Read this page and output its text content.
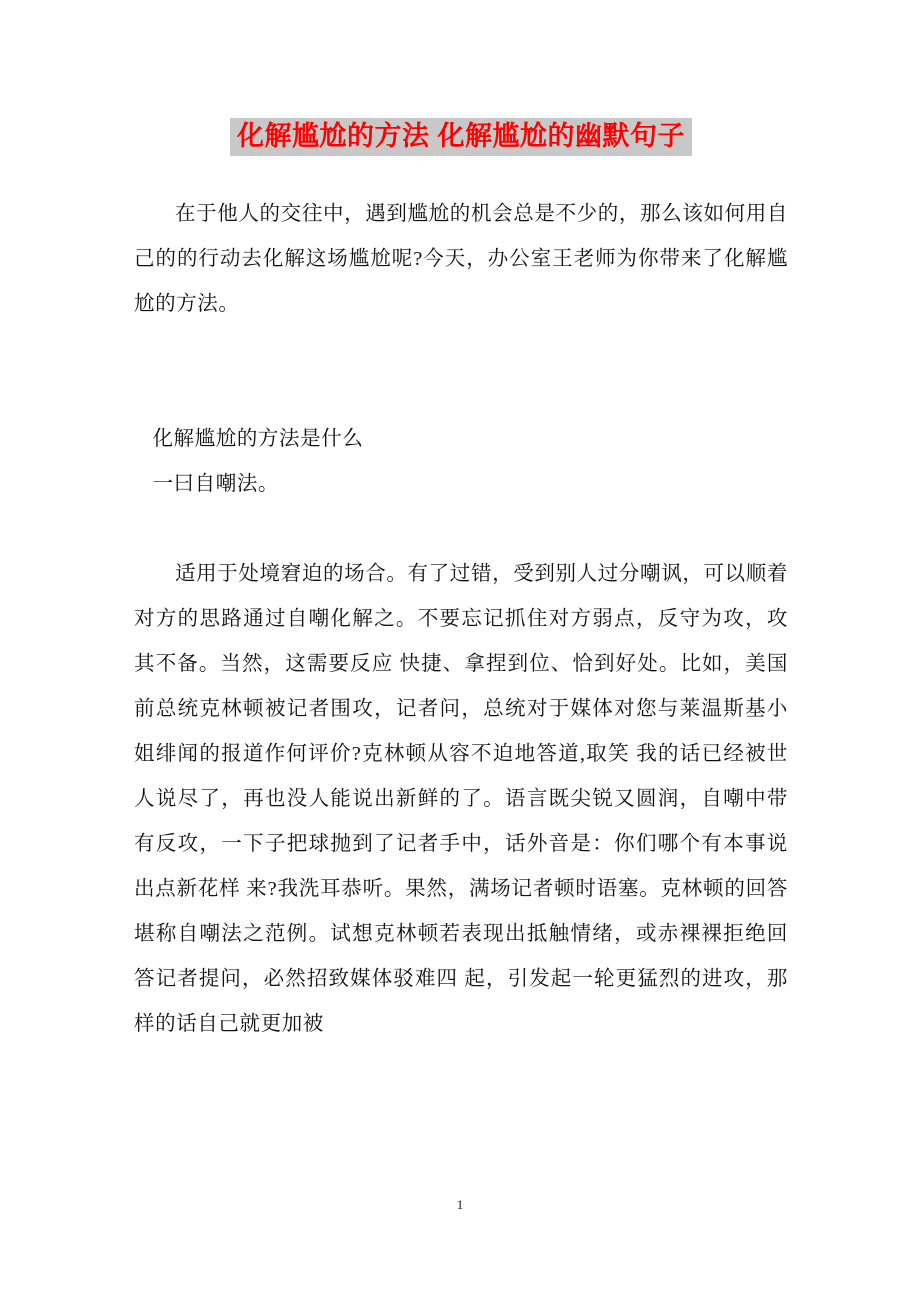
化解尴尬的方法 化解尴尬的幽默句子

在于他人的交往中，遇到尴尬的机会总是不少的，那么该如何用自己的的行动去化解这场尴尬呢?今天，办公室王老师为你带来了化解尴尬的方法。

化解尴尬的方法是什么

一曰自嘲法。

适用于处境窘迫的场合。有了过错，受到别人过分嘲讽，可以顺着对方的思路通过自嘲化解之。不要忘记抓住对方弱点，反守为攻，攻其不备。当然，这需要反应 快捷、拿捏到位、恰到好处。比如，美国前总统克林顿被记者围攻，记者问，总统对于媒体对您与莱温斯基小姐绯闻的报道作何评价?克林顿从容不迫地答道,取笑 我的话已经被世人说尽了，再也没人能说出新鲜的了。语言既尖锐又圆润，自嘲中带有反攻，一下子把球抛到了记者手中，话外音是：你们哪个有本事说出点新花样 来?我洗耳恭听。果然，满场记者顿时语塞。克林顿的回答堪称自嘲法之范例。试想克林顿若表现出抵触情绪，或赤裸裸拒绝回答记者提问，必然招致媒体驳难四 起，引发起一轮更猛烈的进攻，那样的话自己就更加被

1
